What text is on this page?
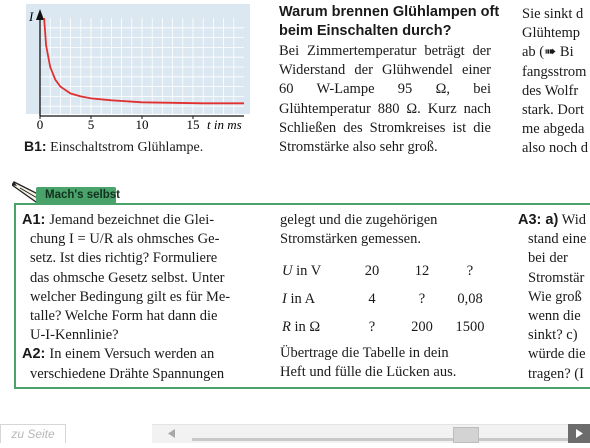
I
0	5	10	15 t in ms
B1: Einschaltstrom Glühlampe.
Warum brennen Glühlampen oft beim Einschalten durch?
Bei Zimmertemperatur beträgt der Widerstand der Glühwendel einer 60 W-Lampe 95 Ω, bei Glühtemperatur 880 Ω. Kurz nach Schließen des Stromkreises ist die Stromstärke also sehr groß.
Sie sinkt d
Glühtemp
ab (➠ Bi
fangsstrom
des Wolfr
stark. Dort
me abgeda
also noch d
Mach's selbst
A1: Jemand bezeichnet die Glei-
chung I = U/R als ohmsches Ge-
setz. Ist dies richtig? Formuliere
das ohmsche Gesetz selbst. Unter
welcher Bedingung gilt es für Me-
talle? Welche Form hat dann die
U-I-Kennlinie?
A2: In einem Versuch werden an
verschiedene Drähte Spannungen
gelegt und die zugehörigen
Stromstärken gemessen.
U in V	20	12	?
I in A	4	?	0,08
R in Ω	?	200	1500
Übertrage die Tabelle in dein
Heft und fülle die Lücken aus.
A3: a) Wid
stand eine
bei der
Stromstär
Wie groß
wenn die
sinkt? c)
würde die
tragen? (I
zu Seite
